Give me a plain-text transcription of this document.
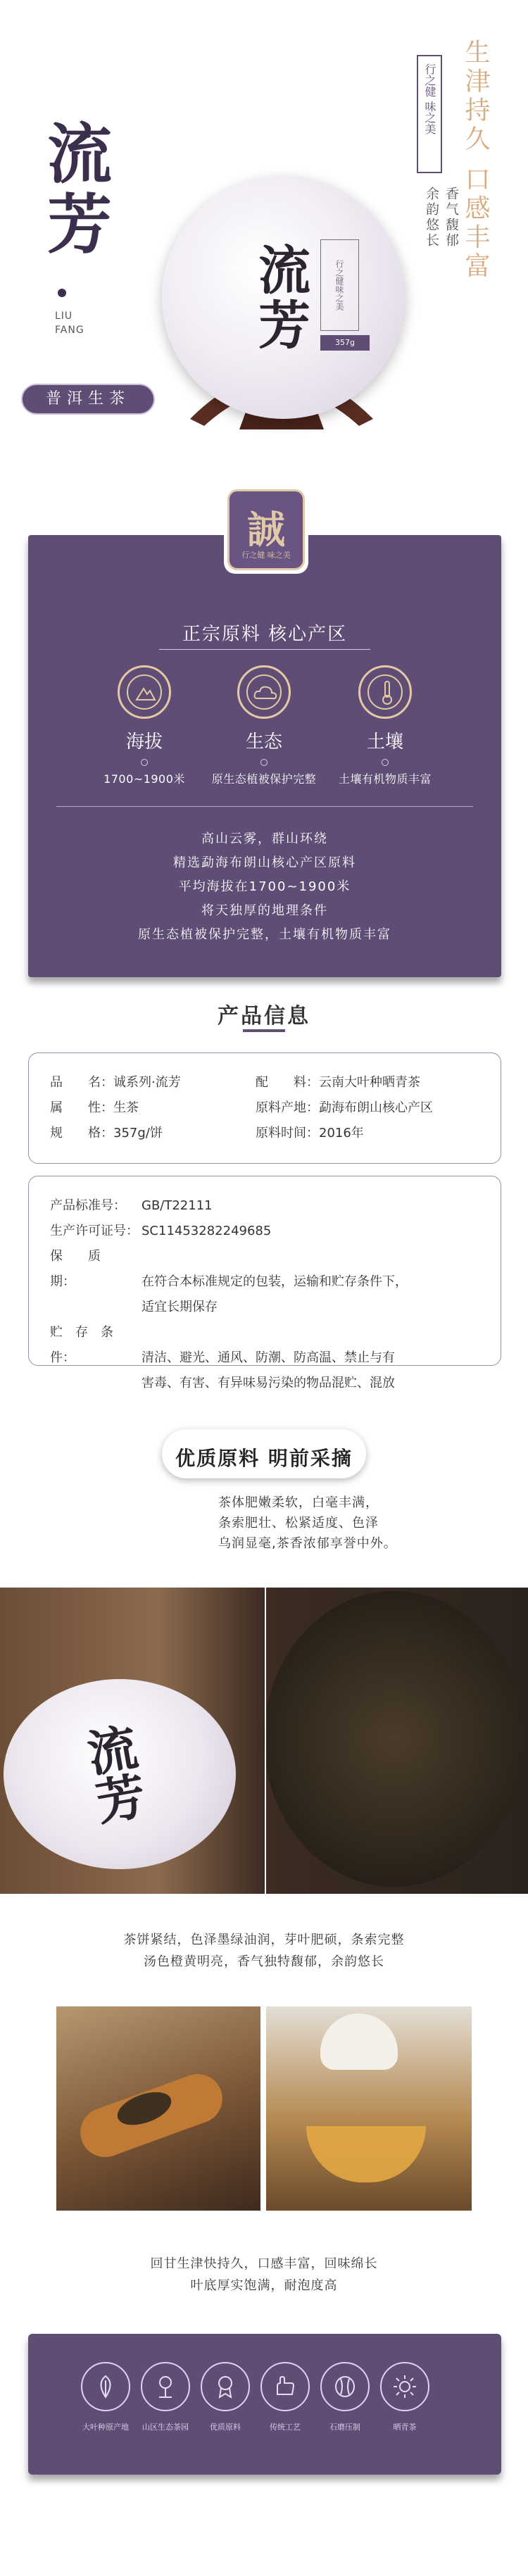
流芳
LIU
FANG
普洱生茶
流芳	行之健味之美
357g
行之健 味之美 生津持久 口感丰富
香气馥郁
余韵悠长
誠
行之健 味之美
正宗原料 核心产区
海拔
1700~1900米
生态
原生态植被保护完整
土壤
土壤有机物质丰富

高山云雾，群山环绕

精选勐海布朗山核心产区原料

平均海拔在1700~1900米

将天独厚的地理条件

原生态植被保护完整，土壤有机物质丰富

产品信息
品　　名：诚系列·流芳
属　　性：生茶
规　　格：357g/饼
配　　料：云南大叶种晒青茶
原料产地：勐海布朗山核心产区
原料时间：2016年
产品标准号： GB/T22111
生产许可证号： SC11453282249685
保　　质　　期：	在符合本标准规定的包装，运输和贮存条件下，
适宜长期保存
贮　存　条　件：	清洁、避光、通风、防潮、防高温、禁止与有
害毒、有害、有异味易污染的物品混贮、混放
优质原料 明前采摘

茶体肥嫩柔软，白毫丰满，

条索肥壮、松紧适度、色泽

乌润显毫,茶香浓郁享誉中外。

流芳

茶饼紧结，色泽墨绿油润，芽叶肥硕，条索完整

汤色橙黄明亮，香气独特馥郁，余韵悠长

回甘生津快持久，口感丰富，回味绵长

叶底厚实饱满，耐泡度高

大叶种原产地	山区生态茶园	优质原料	传统工艺	石磨压制	晒青茶
